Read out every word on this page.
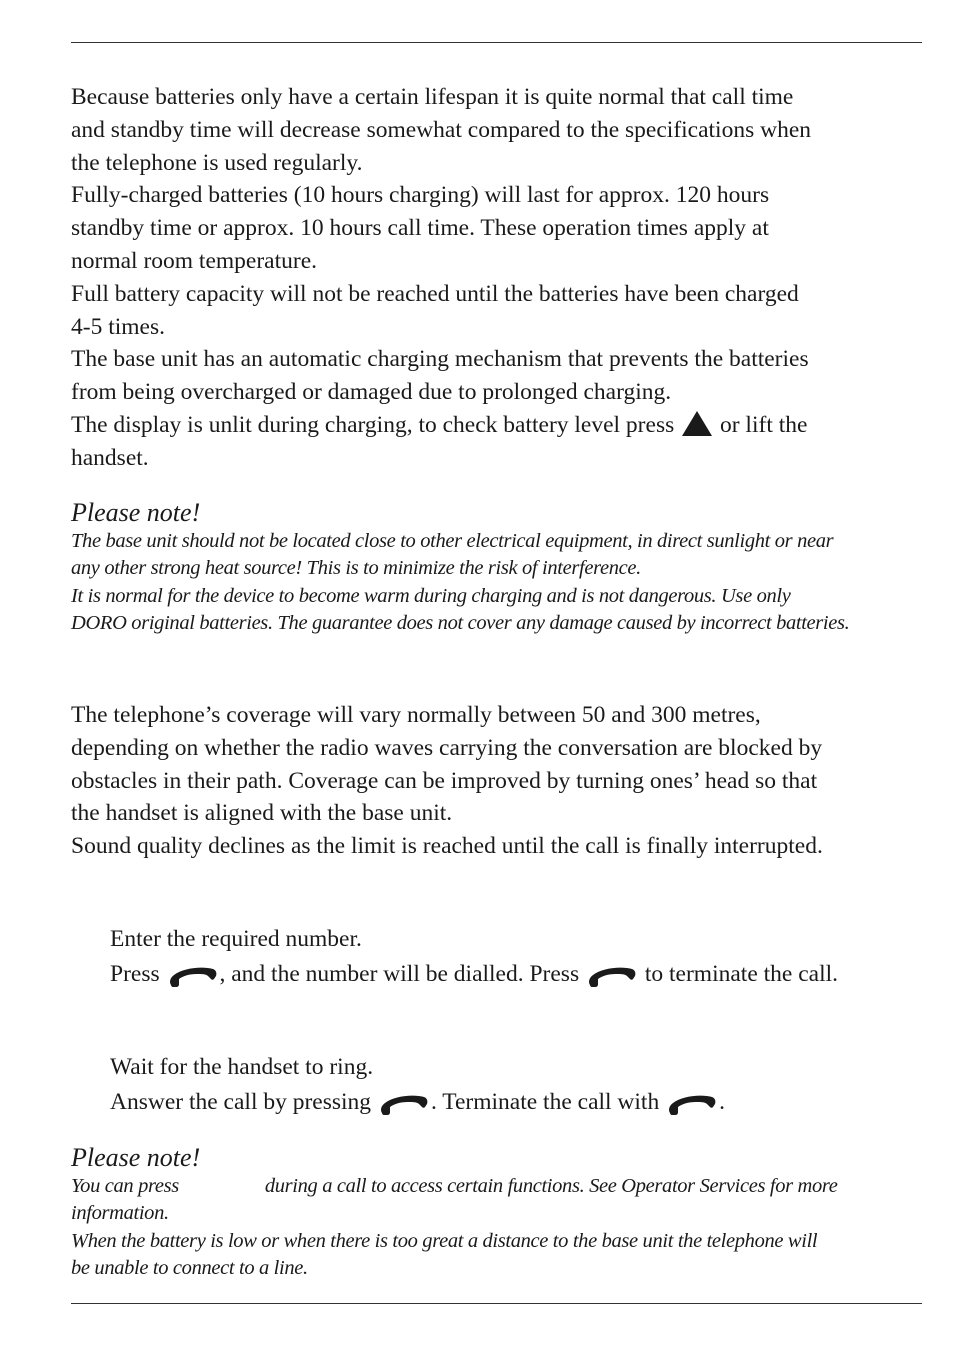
Because batteries only have a certain lifespan it is quite normal that call time

and standby time will decrease somewhat compared to the specifications when

the telephone is used regularly.

Fully-charged batteries (10 hours charging) will last for approx. 120 hours

standby time or approx. 10 hours call time. These operation times apply at

normal room temperature.

Full battery capacity will not be reached until the batteries have been charged

4-5 times.

The base unit has an automatic charging mechanism that prevents the batteries

from being overcharged or damaged due to prolonged charging.

The display is unlit during charging, to check battery level press  or lift the

handset.

Please note!

The base unit should not be located close to other electrical equipment, in direct sunlight or near

any other strong heat source! This is to minimize the risk of interference.

It is normal for the device to become warm during charging and is not dangerous. Use only

DORO original batteries. The guarantee does not cover any damage caused by incorrect batteries.

The telephone’s coverage will vary normally between 50 and 300 metres,

depending on whether the radio waves carrying the conversation are blocked by

obstacles in their path. Coverage can be improved by turning ones’ head so that

the handset is aligned with the base unit.

Sound quality declines as the limit is reached until the call is finally interrupted.

Enter the required number.
Press , and the number will be dialled. Press  to terminate the call.
Wait for the handset to ring.
Answer the call by pressing . Terminate the call with .

Please note!

You can press	during a call to access certain functions. See Operator Services for more

information.

When the battery is low or when there is too great a distance to the base unit the telephone will

be unable to connect to a line.
